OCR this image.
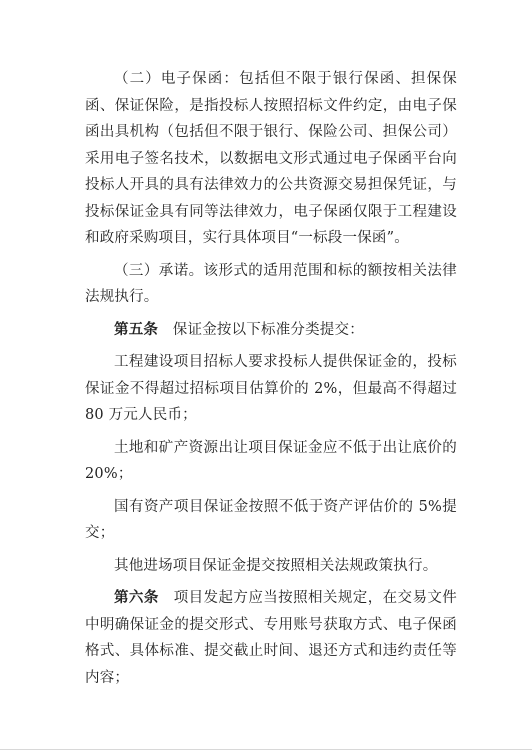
（二）电子保函：包括但不限于银行保函、担保保函、保证保险，是指投标人按照招标文件约定，由电子保函出具机构（包括但不限于银行、保险公司、担保公司）采用电子签名技术，以数据电文形式通过电子保函平台向投标人开具的具有法律效力的公共资源交易担保凭证，与投标保证金具有同等法律效力，电子保函仅限于工程建设和政府采购项目，实行具体项目“一标段一保函”。

（三）承诺。该形式的适用范围和标的额按相关法律法规执行。

第五条　保证金按以下标准分类提交：

工程建设项目招标人要求投标人提供保证金的，投标保证金不得超过招标项目估算价的 2%，但最高不得超过 80 万元人民币；

土地和矿产资源出让项目保证金应不低于出让底价的 20%；

国有资产项目保证金按照不低于资产评估价的 5%提交；

其他进场项目保证金提交按照相关法规政策执行。

第六条　项目发起方应当按照相关规定，在交易文件中明确保证金的提交形式、专用账号获取方式、电子保函格式、具体标准、提交截止时间、退还方式和违约责任等内容；
